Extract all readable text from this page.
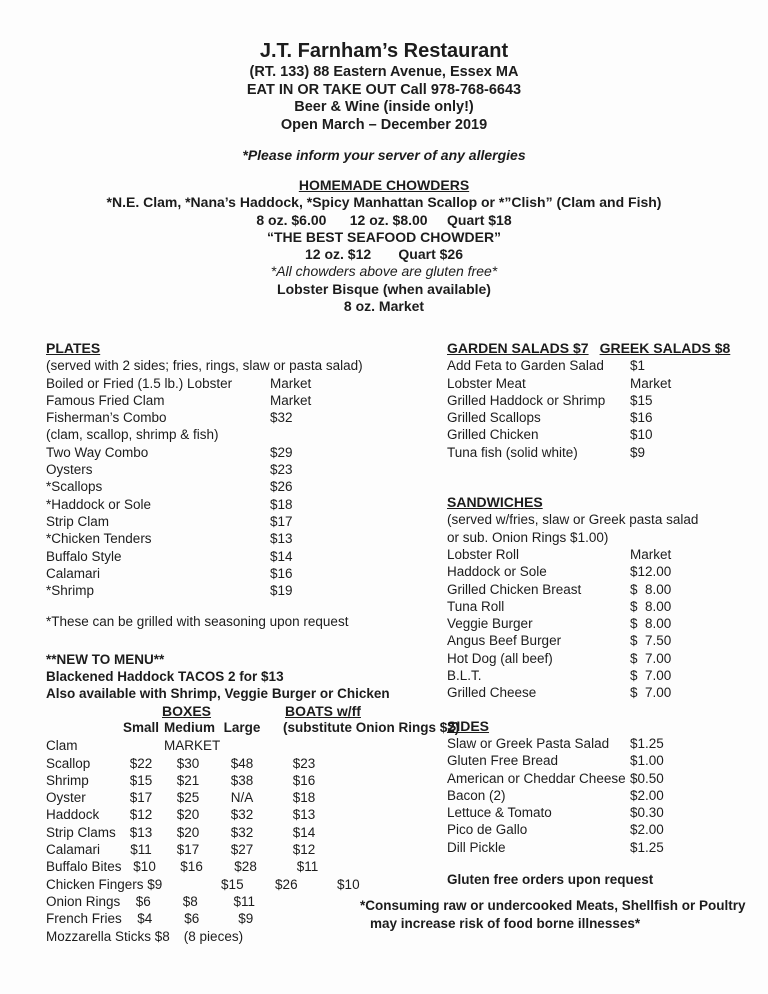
J.T. Farnham’s Restaurant
(RT. 133) 88 Eastern Avenue, Essex MA
EAT IN OR TAKE OUT Call 978-768-6643
Beer & Wine (inside only!)
Open March – December 2019
*Please inform your server of any allergies
HOMEMADE CHOWDERS
*N.E. Clam, *Nana’s Haddock, *Spicy Manhattan Scallop or *”Clish” (Clam and Fish)
8 oz. $6.00      12 oz. $8.00     Quart $18
“THE BEST SEAFOOD CHOWDER”
12 oz. $12       Quart $26
*All chowders above are gluten free*
Lobster Bisque (when available)
8 oz. Market
PLATES
(served with 2 sides; fries, rings, slaw or pasta salad)
Boiled or Fried (1.5 lb.) Lobster	Market
Famous Fried Clam	Market
Fisherman’s Combo	$32
(clam, scallop, shrimp & fish)
Two Way Combo	$29
Oysters	$23
*Scallops	$26
*Haddock or Sole	$18
Strip Clam	$17
*Chicken Tenders	$13
Buffalo Style	$14
Calamari	$16
*Shrimp	$19
*These can be grilled with seasoning upon request
**NEW TO MENU**
Blackened Haddock TACOS 2 for $13
Also available with Shrimp, Veggie Burger or Chicken
BOXES	BOATS w/ff
Small Medium Large	(substitute Onion Rings $2)
Clam	MARKET
Scallop	$22	$30	$48	$23
Shrimp	$15	$21	$38	$16
Oyster	$17	$25	N/A	$18
Haddock	$12	$20	$32	$13
Strip Clams	$13	$20	$32	$14
Calamari	$11	$17	$27	$12
Buffalo Bites $10	$16	$28	$11
Chicken Fingers $9	$15	$26	$10
Onion Rings	$6	$8	$11
French Fries	$4	$6	$9
Mozzarella Sticks $8 (8 pieces)
GARDEN SALADS $7 GREEK SALADS $8
Add Feta to Garden Salad	$1
Lobster Meat	Market
Grilled Haddock or Shrimp	$15
Grilled Scallops	$16
Grilled Chicken	$10
Tuna fish (solid white)	$9
SANDWICHES
(served w/fries, slaw or Greek pasta salad
or sub. Onion Rings $1.00)
Lobster Roll	Market
Haddock or Sole	$12.00
Grilled Chicken Breast	$  8.00
Tuna Roll	$  8.00
Veggie Burger	$  8.00
Angus Beef Burger	$  7.50
Hot Dog (all beef)	$  7.00
B.L.T.	$  7.00
Grilled Cheese	$  7.00
SIDES
Slaw or Greek Pasta Salad	$1.25
Gluten Free Bread	$1.00
American or Cheddar Cheese $0.50
Bacon (2)	$2.00
Lettuce & Tomato	$0.30
Pico de Gallo	$2.00
Dill Pickle	$1.25
Gluten free orders upon request
*Consuming raw or undercooked Meats, Shellfish or Poultry
may increase risk of food borne illnesses*
